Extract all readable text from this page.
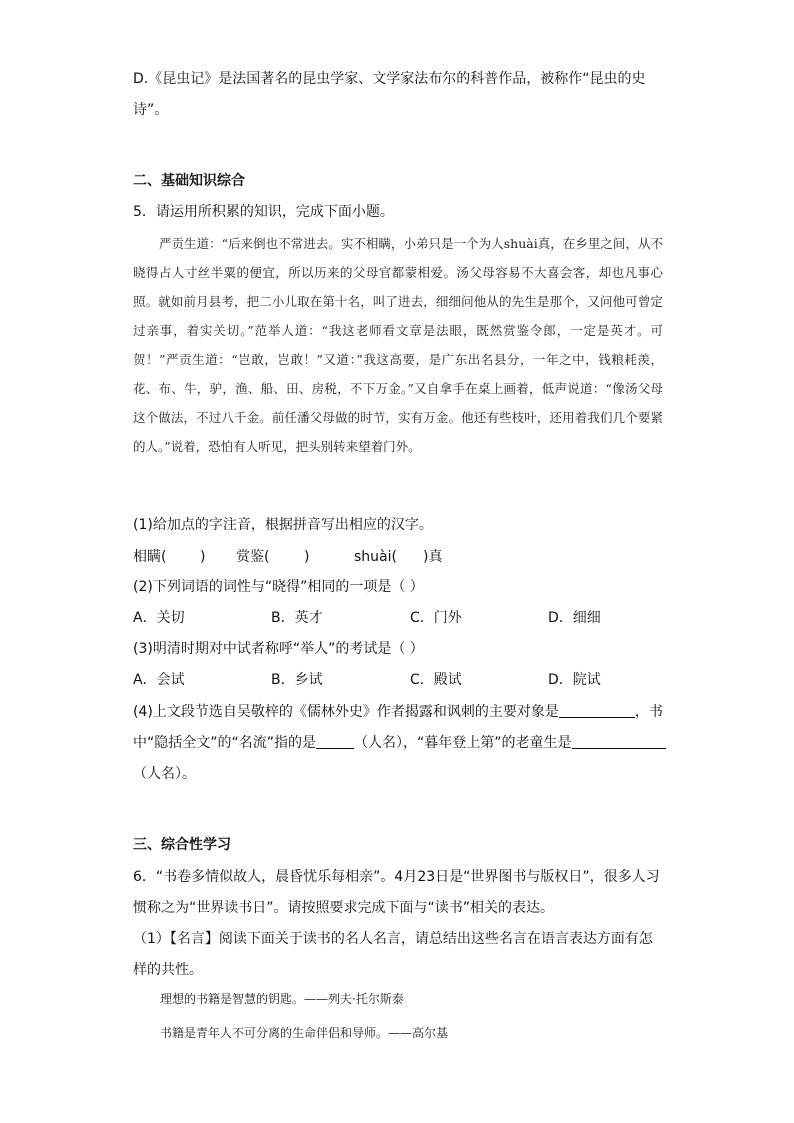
D.《昆虫记》是法国著名的昆虫学家、文学家法布尔的科普作品，被称作“昆虫的史诗”。
二、基础知识综合
5．请运用所积累的知识，完成下面小题。
严贡生道：“后来倒也不常进去。实不相瞒，小弟只是一个为人shuài真，在乡里之间，从不晓得占人寸丝半粟的便宜，所以历来的父母官都蒙相爱。汤父母容易不大喜会客，却也凡事心照。就如前月县考，把二小儿取在第十名，叫了进去，细细问他从的先生是那个，又问他可曾定过亲事，着实关切。”范举人道：“我这老师看文章是法眼，既然赏鉴令郎，一定是英才。可贺！”严贡生道：“岂敢，岂敢！”又道：”我这高要，是广东出名县分，一年之中，钱粮耗羡，花、布、牛，驴，渔、船、田、房税，不下万金。”又自拿手在桌上画着，低声说道：“像汤父母这个做法，不过八千金。前任潘父母做的时节，实有万金。他还有些枝叶，还用着我们几个要紧的人。”说着，恐怕有人听见，把头别转来望着门外。
(1)给加点的字注音，根据拼音写出相应的汉字。
相瞒( ) 赏鉴( )	shuài( )真
(2)下列词语的词性与“晓得”相同的一项是（ ）
A．关切	B．英才	C．门外	D．细细
(3)明清时期对中试者称呼“举人”的考试是（ ）
A．会试	B．乡试	C．殿试	D．院试
(4)上文段节选自吴敬梓的《儒林外史》作者揭露和讽刺的主要对象是	，书
中“隐括全文”的“名流”指的是	（人名），“暮年登上第”的老童生是
（人名）。
三、综合性学习
6．“书卷多情似故人，晨昏忧乐每相亲”。4月23日是“世界图书与版权日”，很多人习惯称之为“世界读书日”。请按照要求完成下面与“读书”相关的表达。
（1）【名言】阅读下面关于读书的名人名言，请总结出这些名言在语言表达方面有怎样的共性。
理想的书籍是智慧的钥匙。——列夫·托尔斯泰
书籍是青年人不可分离的生命伴侣和导师。——高尔基
